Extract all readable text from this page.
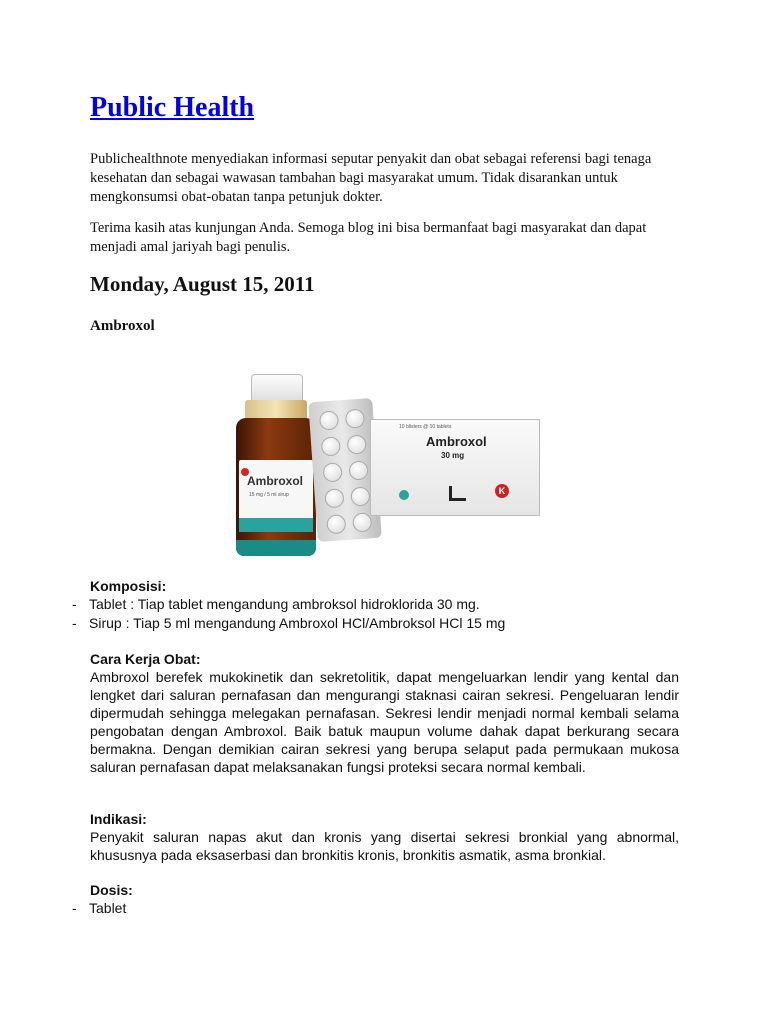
Public Health

Publichealthnote menyediakan informasi seputar penyakit dan obat sebagai referensi bagi tenaga kesehatan dan sebagai wawasan tambahan bagi masyarakat umum. Tidak disarankan untuk mengkonsumsi obat-obatan tanpa petunjuk dokter.

Terima kasih atas kunjungan Anda. Semoga blog ini bisa bermanfaat bagi masyarakat dan dapat menjadi amal jariyah bagi penulis.

Monday, August 15, 2011
Ambroxol
Ambroxol
15 mg / 5 ml sirup
10 blisters @ 10 tablets
Ambroxol
30 mg
K
Komposisi:
- Tablet : Tiap tablet mengandung ambroksol hidroklorida 30 mg.
- Sirup : Tiap 5 ml mengandung Ambroxol HCl/Ambroksol HCl 15 mg
Cara Kerja Obat:

Ambroxol berefek mukokinetik dan sekretolitik, dapat mengeluarkan lendir yang kental dan lengket dari saluran pernafasan dan mengurangi staknasi cairan sekresi. Pengeluaran lendir dipermudah sehingga melegakan pernafasan. Sekresi lendir menjadi normal kembali selama pengobatan dengan Ambroxol. Baik batuk maupun volume dahak dapat berkurang secara bermakna. Dengan demikian cairan sekresi yang berupa selaput pada permukaan mukosa saluran pernafasan dapat melaksanakan fungsi proteksi secara normal kembali.

Indikasi:

Penyakit saluran napas akut dan kronis yang disertai sekresi bronkial yang abnormal, khususnya pada eksaserbasi dan bronkitis kronis, bronkitis asmatik, asma bronkial.

Dosis:
- Tablet
